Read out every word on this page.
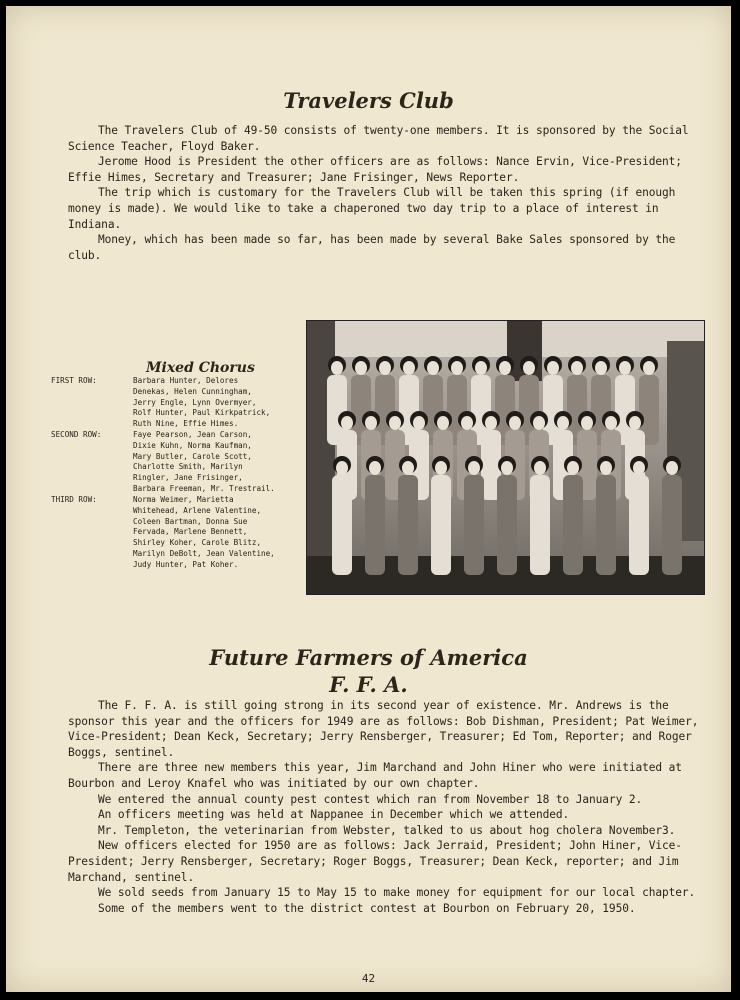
Travelers Club

The Travelers Club of 49-50 consists of twenty-one members. It is sponsored by the Social Science Teacher, Floyd Baker.

Jerome Hood is President the other officers are as follows: Nance Ervin, Vice-President; Effie Himes, Secretary and Treasurer; Jane Frisinger, News Reporter.

The trip which is customary for the Travelers Club will be taken this spring (if enough money is made). We would like to take a chaperoned two day trip to a place of interest in Indiana.

Money, which has been made so far, has been made by several Bake Sales sponsored by the club.

Mixed Chorus
FIRST ROW:	Barbara Hunter, Delores
Denekas, Helen Cunningham,
Jerry Engle, Lynn Overmyer,
Rolf Hunter, Paul Kirkpatrick,
Ruth Nine, Effie Himes.
SECOND ROW:	Faye Pearson, Jean Carson,
Dixie Kuhn, Norma Kaufman,
Mary Butler, Carole Scott,
Charlotte Smith, Marilyn
Ringler, Jane Frisinger,
Barbara Freeman, Mr. Trestrail.
THIRD ROW:	Norma Weimer, Marietta
Whitehead, Arlene Valentine,
Coleen Bartman, Donna Sue
Fervada, Marlene Bennett,
Shirley Koher, Carole Blitz,
Marilyn DeBolt, Jean Valentine,
Judy Hunter, Pat Koher.
Future Farmers of America
F. F. A.

The F. F. A. is still going strong in its second year of existence. Mr. Andrews is the sponsor this year and the officers for 1949 are as follows: Bob Dishman, President; Pat Weimer, Vice-President; Dean Keck, Secretary; Jerry Rensberger, Treasurer; Ed Tom, Reporter; and Roger Boggs, sentinel.

There are three new members this year, Jim Marchand and John Hiner who were initiated at Bourbon and Leroy Knafel who was initiated by our own chapter.

We entered the annual county pest contest which ran from November 18 to January 2.

An officers meeting was held at Nappanee in December which we attended.

Mr. Templeton, the veterinarian from Webster, talked to us about hog cholera November3.

New officers elected for 1950 are as follows: Jack Jerraid, President; John Hiner, Vice-President; Jerry Rensberger, Secretary; Roger Boggs, Treasurer; Dean Keck, reporter; and Jim Marchand, sentinel.

We sold seeds from January 15 to May 15 to make money for equipment for our local chapter.

Some of the members went to the district contest at Bourbon on February 20, 1950.

42
